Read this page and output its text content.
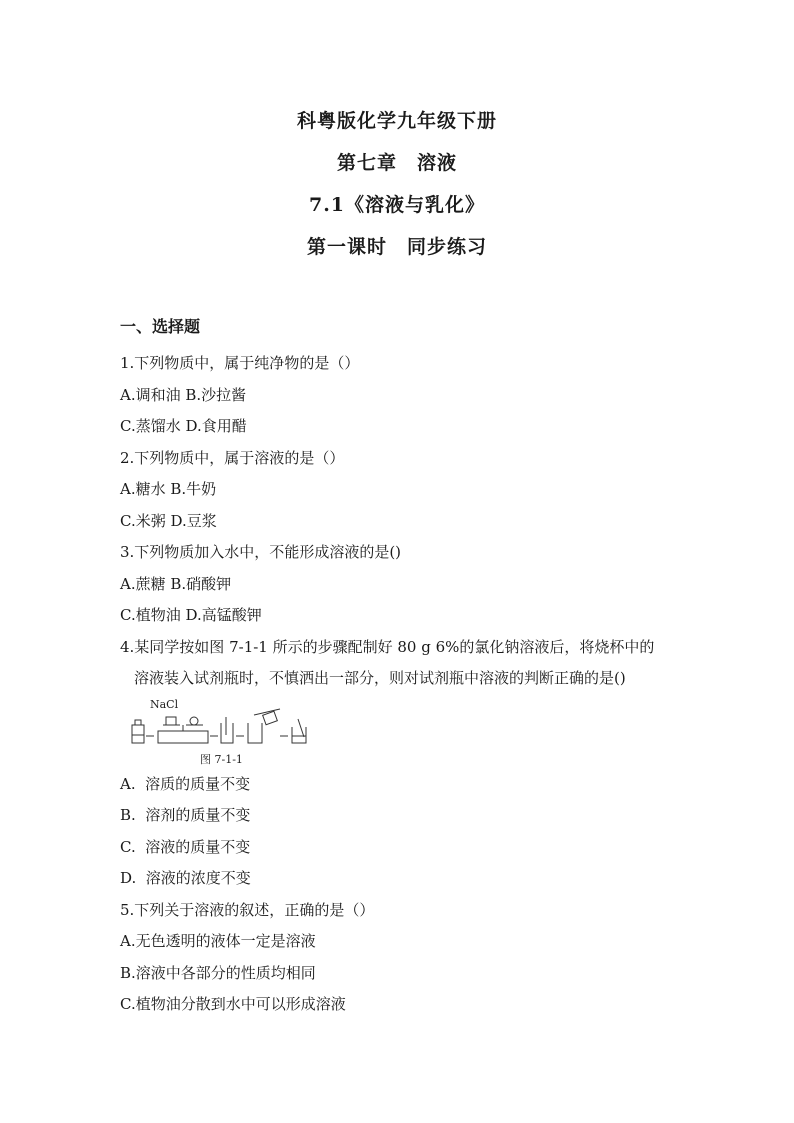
科粤版化学九年级下册
第七章　溶液
7.1《溶液与乳化》
第一课时　同步练习
一、选择题
1.下列物质中，属于纯净物的是（）
A.调和油 B.沙拉酱
C.蒸馏水 D.食用醋
2.下列物质中，属于溶液的是（）
A.糖水 B.牛奶
C.米粥 D.豆浆
3.下列物质加入水中，不能形成溶液的是()
A.蔗糖 B.硝酸钾
C.植物油 D.高锰酸钾
4.某同学按如图 7-1-1 所示的步骤配制好 80 g 6%的氯化钠溶液后，将烧杯中的
溶液装入试剂瓶时，不慎洒出一部分，则对试剂瓶中溶液的判断正确的是()
NaCl
图 7-1-1
A.  溶质的质量不变
B.  溶剂的质量不变
C.  溶液的质量不变
D.  溶液的浓度不变
5.下列关于溶液的叙述，正确的是（）
A.无色透明的液体一定是溶液
B.溶液中各部分的性质均相同
C.植物油分散到水中可以形成溶液
